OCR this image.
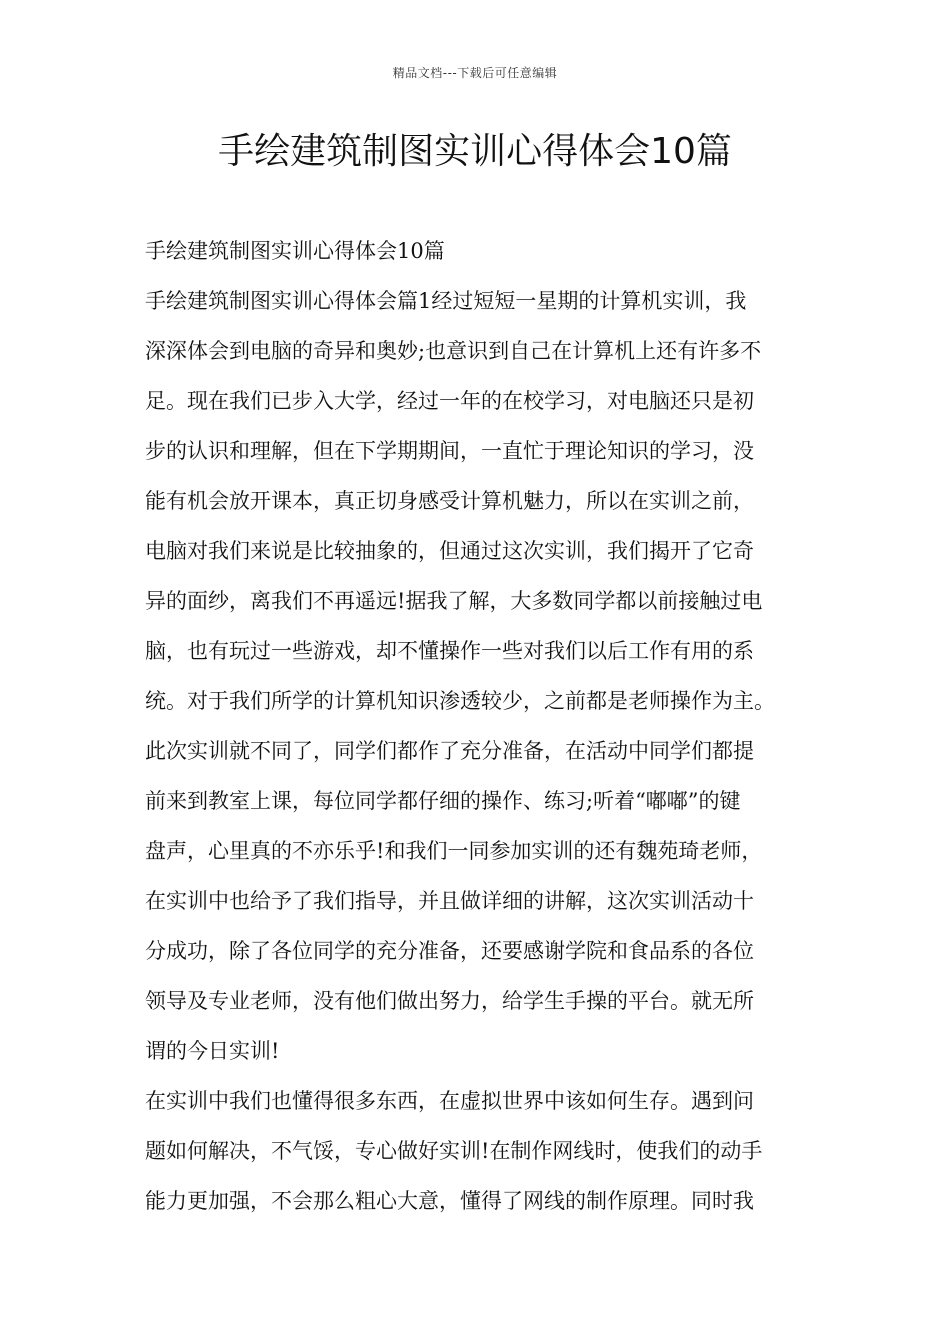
精品文档---下载后可任意编辑
手绘建筑制图实训心得体会10篇
手绘建筑制图实训心得体会10篇
手绘建筑制图实训心得体会篇1经过短短一星期的计算机实训，我
深深体会到电脑的奇异和奥妙;也意识到自己在计算机上还有许多不
足。现在我们已步入大学，经过一年的在校学习，对电脑还只是初
步的认识和理解，但在下学期期间，一直忙于理论知识的学习，没
能有机会放开课本，真正切身感受计算机魅力，所以在实训之前，
电脑对我们来说是比较抽象的，但通过这次实训，我们揭开了它奇
异的面纱，离我们不再遥远!据我了解，大多数同学都以前接触过电
脑，也有玩过一些游戏，却不懂操作一些对我们以后工作有用的系
统。对于我们所学的计算机知识渗透较少，之前都是老师操作为主。
此次实训就不同了，同学们都作了充分准备，在活动中同学们都提
前来到教室上课，每位同学都仔细的操作、练习;听着“嘟嘟”的键
盘声，心里真的不亦乐乎!和我们一同参加实训的还有魏苑琦老师，
在实训中也给予了我们指导，并且做详细的讲解，这次实训活动十
分成功，除了各位同学的充分准备，还要感谢学院和食品系的各位
领导及专业老师，没有他们做出努力，给学生手操的平台。就无所
谓的今日实训!
在实训中我们也懂得很多东西，在虚拟世界中该如何生存。遇到问
题如何解决，不气馁，专心做好实训!在制作网线时，使我们的动手
能力更加强，不会那么粗心大意，懂得了网线的制作原理。同时我
